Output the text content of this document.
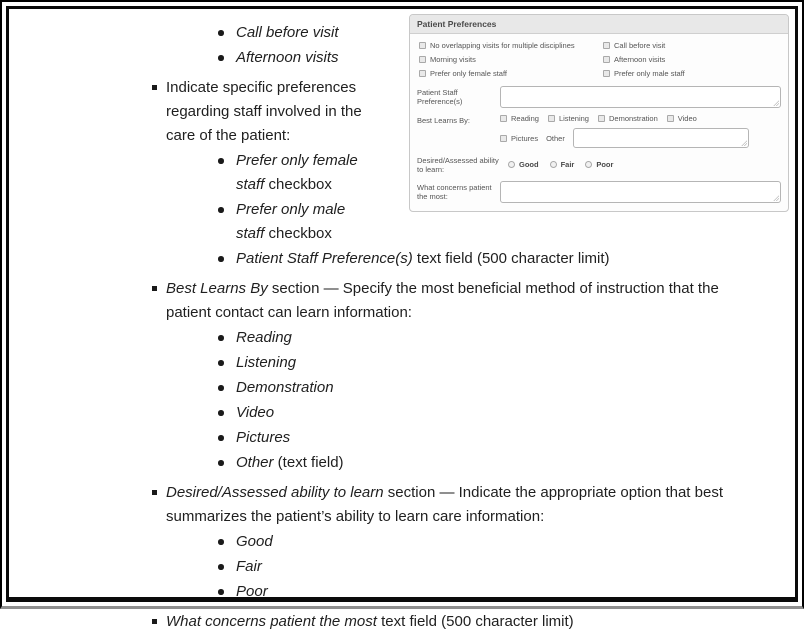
Patient Preferences
No overlapping visits for multiple disciplines	Call before visit
Morning visits	Afternoon visits
Prefer only female staff	Prefer only male staff
Patient Staff Preference(s)
Best Learns By:	Reading	Listening	Demonstration	Video
Pictures Other
Desired/Assessed ability to learn:
Good	Fair	Poor
What concerns patient the most:
Call before visit
Afternoon visits
Indicate specific preferences regarding staff involved in the care of the patient:
Prefer only female staff checkbox
Prefer only male staff checkbox
Patient Staff Preference(s) text field (500 character limit)
Best Learns By section — Specify the most beneficial method of instruction that the patient contact can learn information:
Reading
Listening
Demonstration
Video
Pictures
Other (text field)
Desired/Assessed ability to learn section — Indicate the appropriate option that best summarizes the patient’s ability to learn care information:
Good
Fair
Poor
What concerns patient the most text field (500 character limit)
